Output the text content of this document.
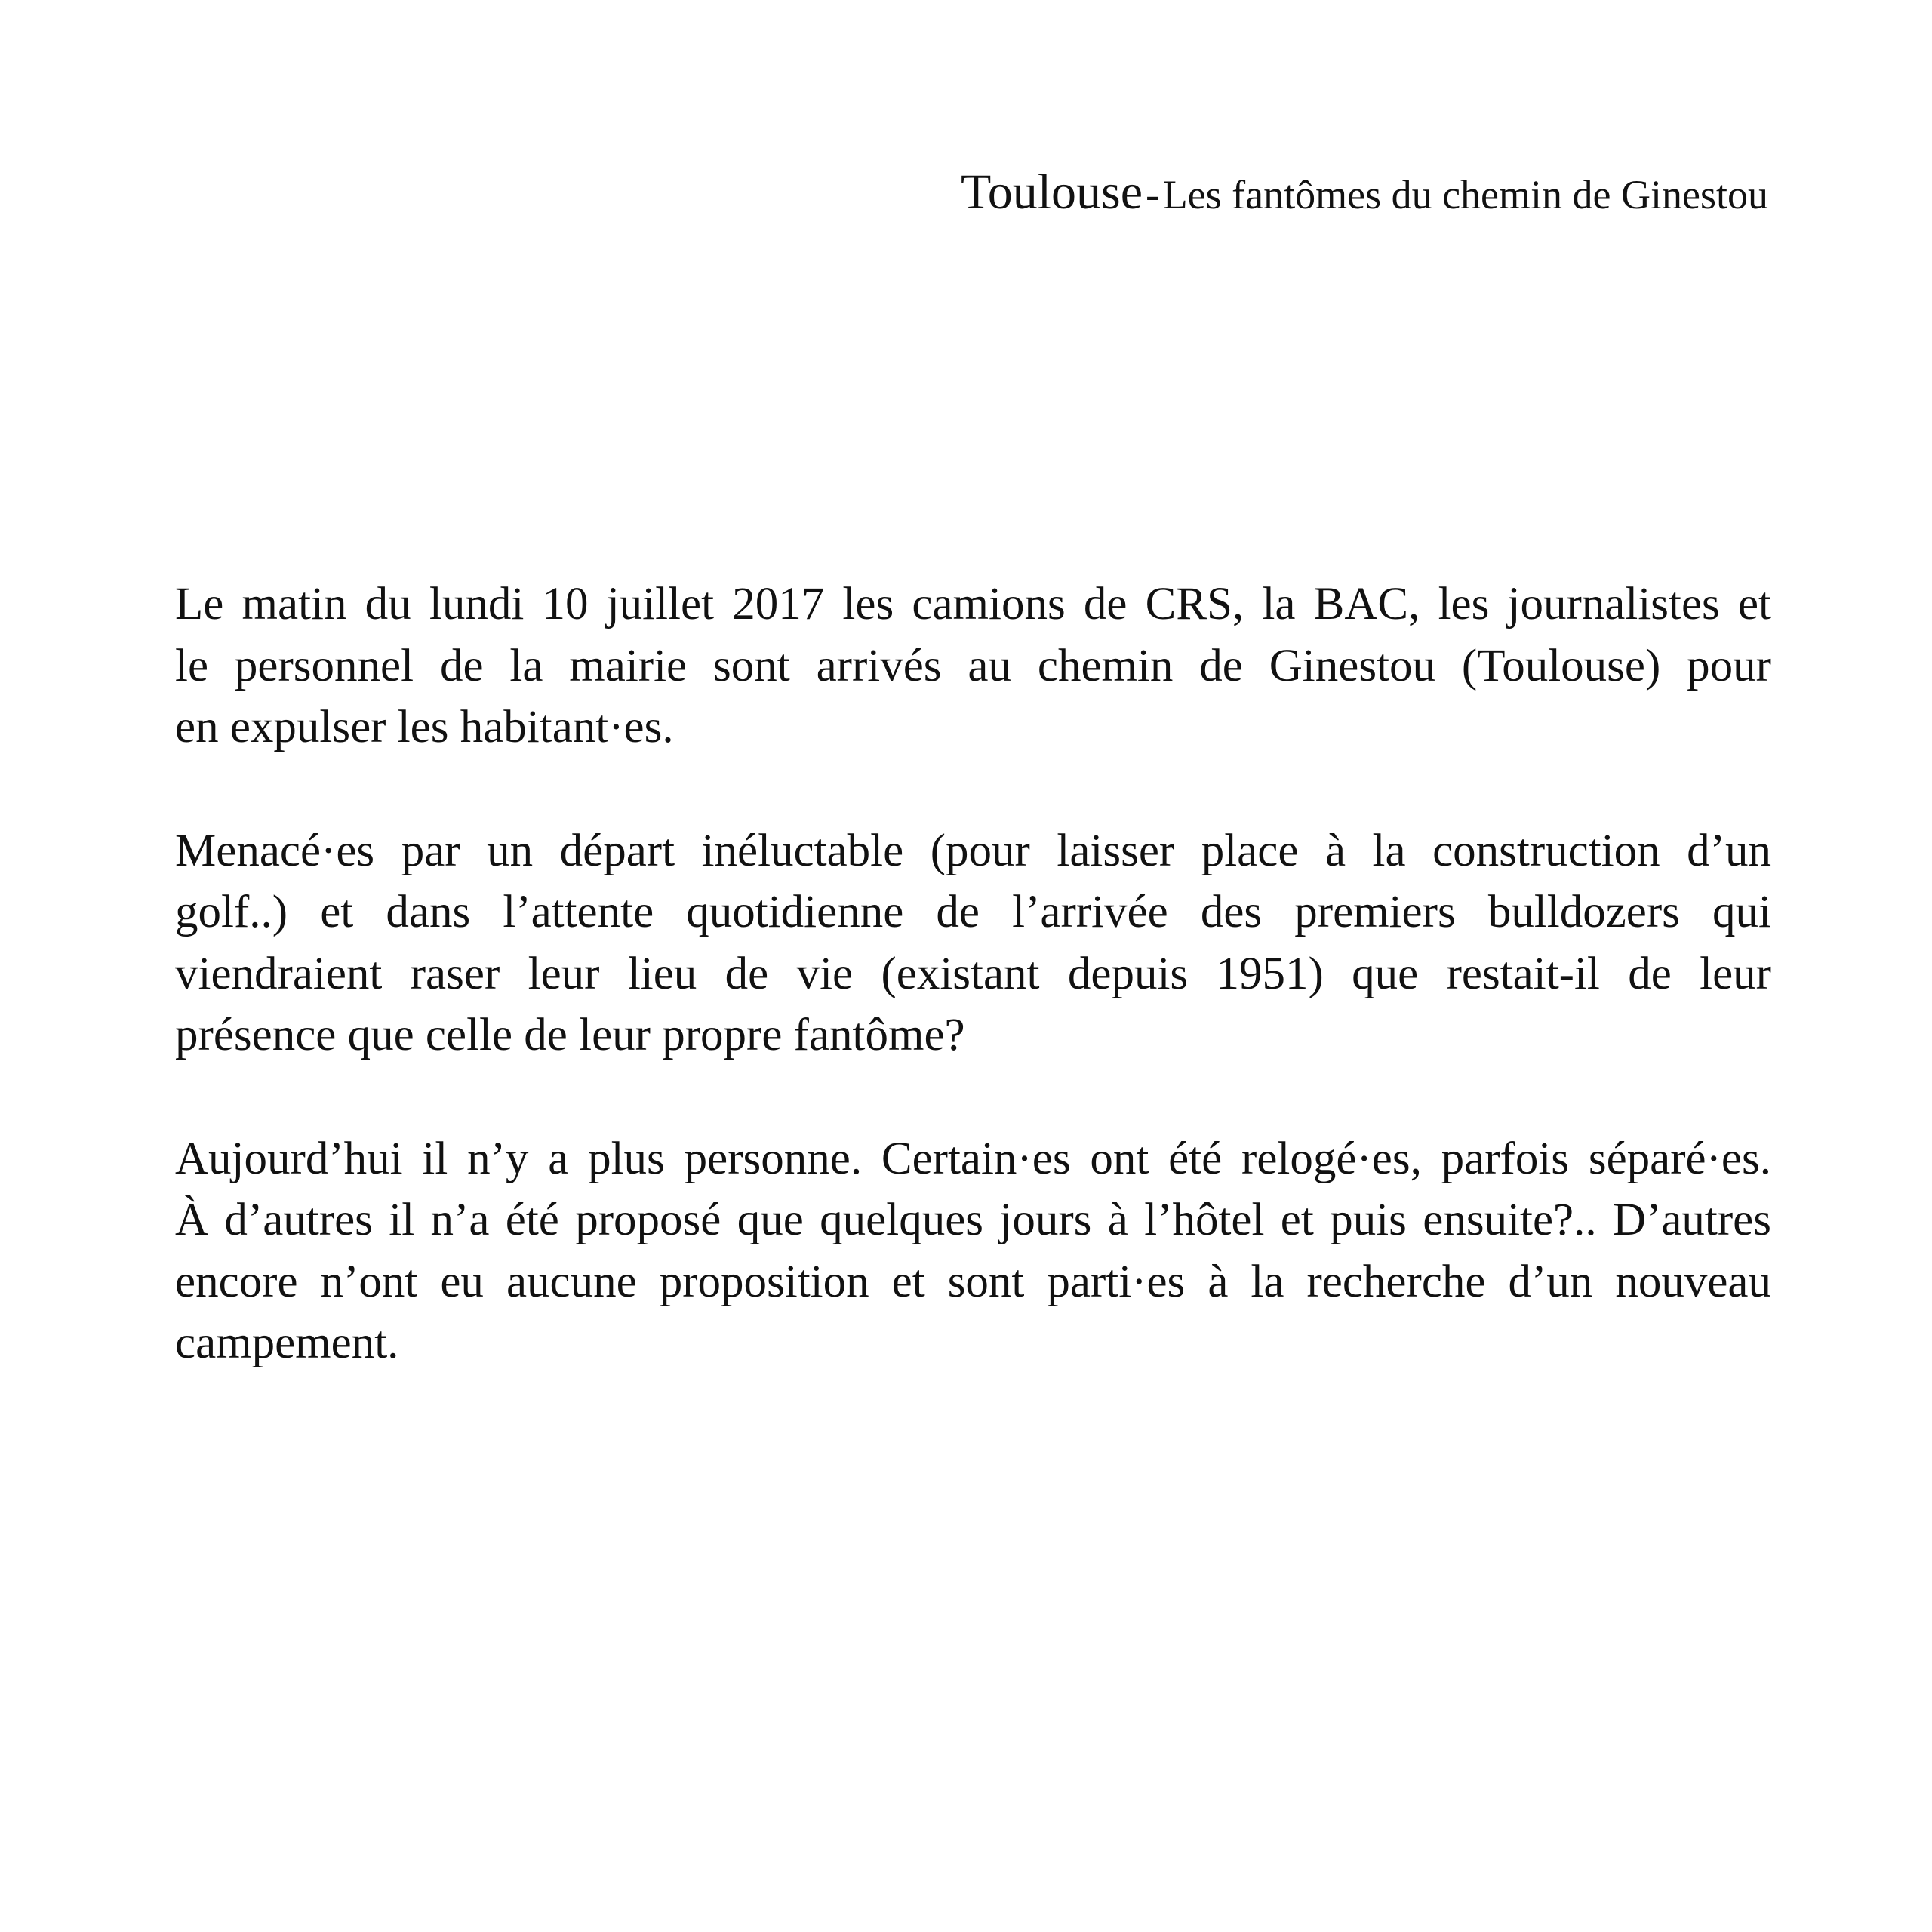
Toulouse - Les fantômes du chemin de Ginestou

Le matin du lundi 10 juillet 2017 les camions de CRS, la BAC, les journalistes et
le personnel de la mairie sont arrivés au chemin de Ginestou (Toulouse) pour
en expulser les habitant·es.

Menacé·es par un départ inéluctable (pour laisser place à la construction d’un
golf..) et dans l’attente quotidienne de l’arrivée des premiers bulldozers qui
viendraient raser leur lieu de vie (existant depuis 1951) que restait-il de leur
présence que celle de leur propre fantôme?

Aujourd’hui il n’y a plus personne. Certain·es ont été relogé·es, parfois séparé·es.
À d’autres il n’a été proposé que quelques jours à l’hôtel et puis ensuite?.. D’autres
encore n’ont eu aucune proposition et sont parti·es à la recherche d’un nouveau
campement.
